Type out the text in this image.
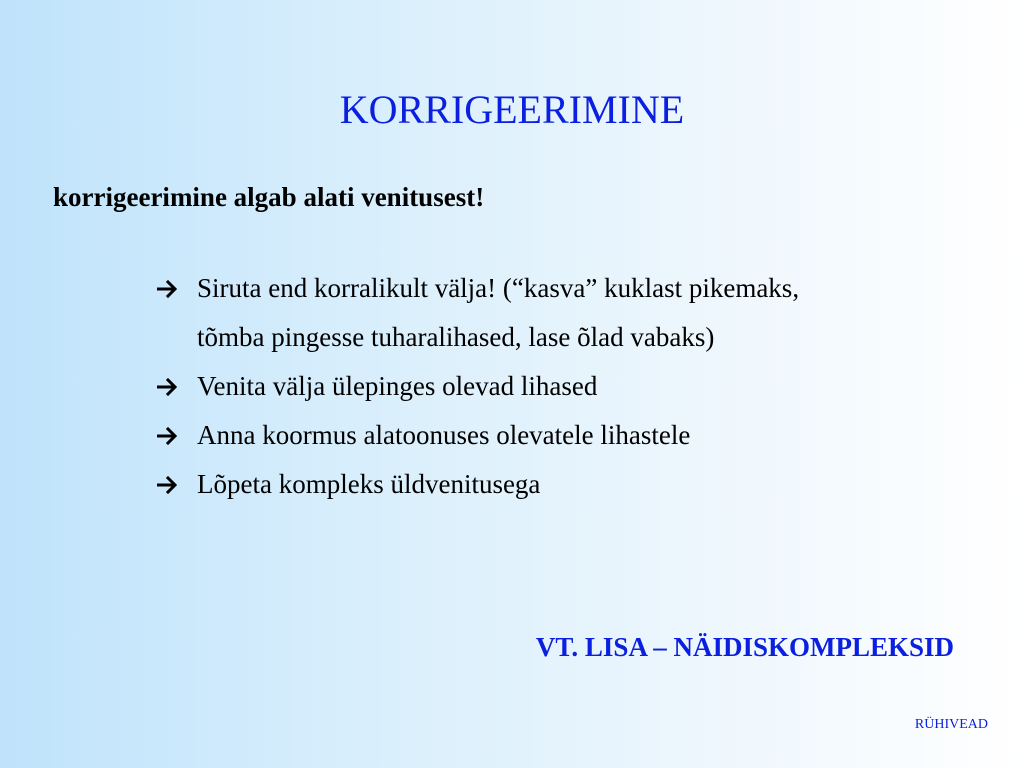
KORRIGEERIMINE
korrigeerimine algab alati venitusest!
Siruta end korralikult välja! (“kasva” kuklast pikemaks,
tõmba pingesse tuharalihased, lase õlad vabaks)
Venita välja ülepinges olevad lihased
Anna koormus alatoonuses olevatele lihastele
Lõpeta kompleks üldvenitusega
VT. LISA – NÄIDISKOMPLEKSID
RÜHIVEAD
